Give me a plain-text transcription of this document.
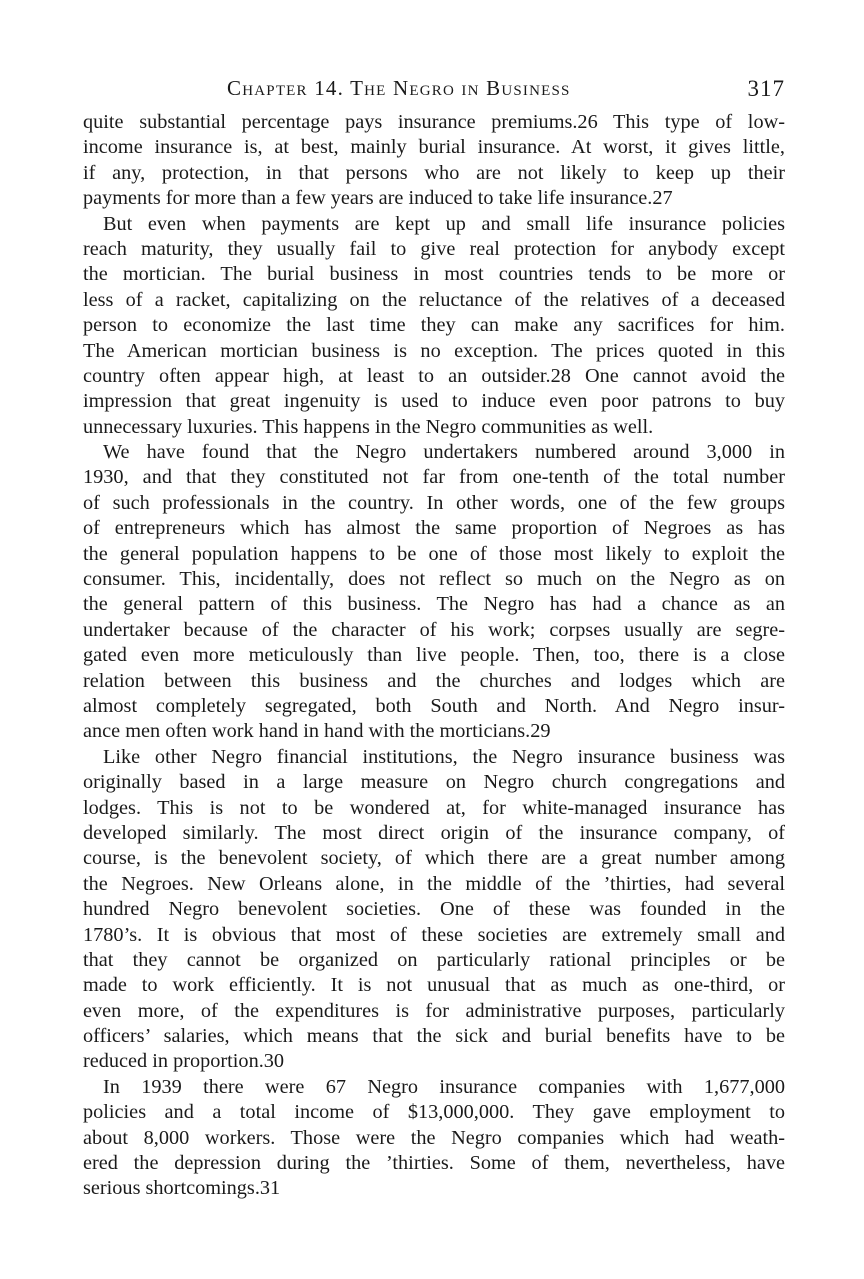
Chapter 14. The Negro in Business	317
quite substantial percentage pays insurance premiums.26 This type of low-
income insurance is, at best, mainly burial insurance. At worst, it gives little,
if any, protection, in that persons who are not likely to keep up their
payments for more than a few years are induced to take life insurance.27
But even when payments are kept up and small life insurance policies
reach maturity, they usually fail to give real protection for anybody except
the mortician. The burial business in most countries tends to be more or
less of a racket, capitalizing on the reluctance of the relatives of a deceased
person to economize the last time they can make any sacrifices for him.
The American mortician business is no exception. The prices quoted in this
country often appear high, at least to an outsider.28 One cannot avoid the
impression that great ingenuity is used to induce even poor patrons to buy
unnecessary luxuries. This happens in the Negro communities as well.
We have found that the Negro undertakers numbered around 3,000 in
1930, and that they constituted not far from one-tenth of the total number
of such professionals in the country. In other words, one of the few groups
of entrepreneurs which has almost the same proportion of Negroes as has
the general population happens to be one of those most likely to exploit the
consumer. This, incidentally, does not reflect so much on the Negro as on
the general pattern of this business. The Negro has had a chance as an
undertaker because of the character of his work; corpses usually are segre-
gated even more meticulously than live people. Then, too, there is a close
relation between this business and the churches and lodges which are
almost completely segregated, both South and North. And Negro insur-
ance men often work hand in hand with the morticians.29
Like other Negro financial institutions, the Negro insurance business was
originally based in a large measure on Negro church congregations and
lodges. This is not to be wondered at, for white-managed insurance has
developed similarly. The most direct origin of the insurance company, of
course, is the benevolent society, of which there are a great number among
the Negroes. New Orleans alone, in the middle of the ’thirties, had several
hundred Negro benevolent societies. One of these was founded in the
1780’s. It is obvious that most of these societies are extremely small and
that they cannot be organized on particularly rational principles or be
made to work efficiently. It is not unusual that as much as one-third, or
even more, of the expenditures is for administrative purposes, particularly
officers’ salaries, which means that the sick and burial benefits have to be
reduced in proportion.30
In 1939 there were 67 Negro insurance companies with 1,677,000
policies and a total income of $13,000,000. They gave employment to
about 8,000 workers. Those were the Negro companies which had weath-
ered the depression during the ’thirties. Some of them, nevertheless, have
serious shortcomings.31
